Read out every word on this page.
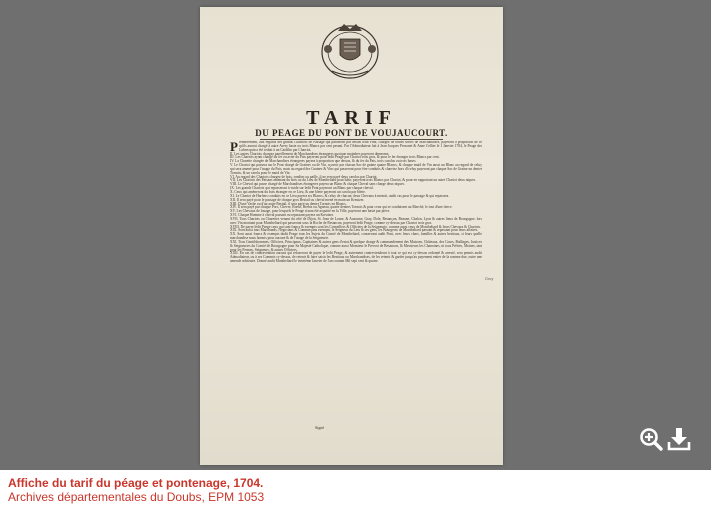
TARIF
DU PEAGE DU PONT DE VOUJAUCOURT.
P remierement, aux regards des grands Charriots de Passage qui passeront par deslus ledit Pont, chargez de toutes sortes de Marchandises, payeront à proportion de ce qu'ils auront chargé à autre Avery baste ou trois Blancs par cent pesant. Par l'Admodiateur fait à Jean Jacques Personet & Anne Cellier le 1 Janvier 1704, le Peage des Lubrecquin a été reduit à un Cardilin par Charriot.
II. Les autres Chariots chargez pareillement de Marchandises étrangeres quoique moindres payeront demesme.
III. Les Chariots ayant chargé du fer ou acier du Pais payeront pour ledit Peage par Chariot trois gros, & pour le fer étranger trois Blancs par cent.
IV. La Charette chargée de Marchandises étrangeres payera à proportion que dessus, & du fer du Pais, trois carolus ou trois bases.
V. Le Chariot qui passera sur le Pont chargé de Graines ou de Vin, sçavoir par chacun Sac de graine quatre Blancs, & chaque muid de Vin aussi un Blanc au regard de celuy qui sera amené pour l'usage du Pais, mais au regard des Graines & Vins qui passeront pour être conduits & charriez hors d'iceluy payeront par chaque Sac de Graine un denier Tornois, & un carolu pour le muid de Vin.
VI. Au regard des Chariots chargez de bois, rondins ou paille, il ne sera payé deux carolus par Chariot.
VII. Les Chariots des Paisans amenant du bois ou du Lieu de Montbeliard pour bâtir, payeront trois Blancs par Chariot, & pour en rapportant un autre Chariot deux niques.
VIII. Le Cheval qui passe chargé de Marchandises étrangeres payera un Blanc & chaque Cheval sans charge deux niques.
IX. Les grands Chariots qui repasseront à vuide sur ledit Pont payeront un Blanc par chaque cheval.
X. Ceux qui amèneront du bois étranger en ce Lieu, & une bôete payeront un carolu par bôete.
XI. Le Chariot de Harfens conduits en ce Lieu payera six Blancs, & celuy de chacun, deux Chevaux à menoit, audit cas pour le passage & qui repassera.
XII. Il sera payé pour le passage de chaque gros Bestail ou cheval mené en main un Kreutzer.
XIII. D'une Vache ou d'un autre Bestail, il sera payé un denier Tornois en Blancs.
XIV. Il sera payé par chaque Porc, Chevre, Boeuf, Brebis ou Agneau, quatre deniers Tornois & pour ceux qui se conduisent au Marché, le tout d'une tierce.
XV. Les Chevaux de louage, pour lesquels le Peage n'aura été acquitté en la Ville, payeront une baste par pièce.
XVI. Chaque Homme à cheval passant ou repassant payera un Kreutzer.
XVII. Tous Chariots ou Charettes venant du côté de Dijon, St. Jean de Losne, & Auxonne, Gray, Dole, Besançon, Beaune, Chalon, Lyon & autres lieux de Bourgogne, lors avec Vin montant pour Montbeliard qui passeront sous la Roche de Besancon, payeront ledit Peage, comme cy-dessus par Chariot trois gros.
XVIII. De payer ledit Peage ceux qui sont francs & exempts sont les Conseillers & Officiers de la Seigneurie, comme aussi ceux de Montbeliard & leurs Chevaux & Chariots.
XIX. Sont aussi tous Marchands, Negocians & Commerçans exempts, le Seigneur du Lieu & ses gens, les Bourgeois de Montbeliard passant & repassant pour leurs affaires.
XX. Sont aussi francs & exempts dudit Peage tous les Sujets du Comté de Montbeliard, conservant audit Pont, avec leurs chars, familles & autres bestiaux, si leurs quelle marchandise mais hormis pour aucune & de l'usage de la Seigneurie.
XXI. Tous Gentilshommes, Officiers, Principaux, Capitaines & autres gens d'estat & quelque charge & commandement des Maisons, Châteaux, des Cours, Baillages, Justices & Seigneuries du Comté de Bourgogne pour Sa Majesté Catholique, comme aussi Monsieur le Prevost de Besancon, & Messieurs les Chanoines, ni tous Prêtres, Moines, tant pour les Fermes, Seigneurs, & autres Officiers.
XXII. En cas de contravention aucuns qui refuseront de payer le ledit Peage, & autrement contreviendront à tout ce qui est cy-dessus ordonné & arresté, sera permis audit Admodiateur, ou à ses Commis cy-dessus, de retenir & faire saisir les Bestiaux ou Marchandises, de les retenir & garder jusqu'au payement entier de la somme due, outre une amende arbitraire. Donné audit Montbeliard le treiziéme Janvier de l'an courant Mil sept cent & quatre.
Gray
Signé
Affiche du tarif du péage et pontenage, 1704.
Archives départementales du Doubs, EPM 1053
